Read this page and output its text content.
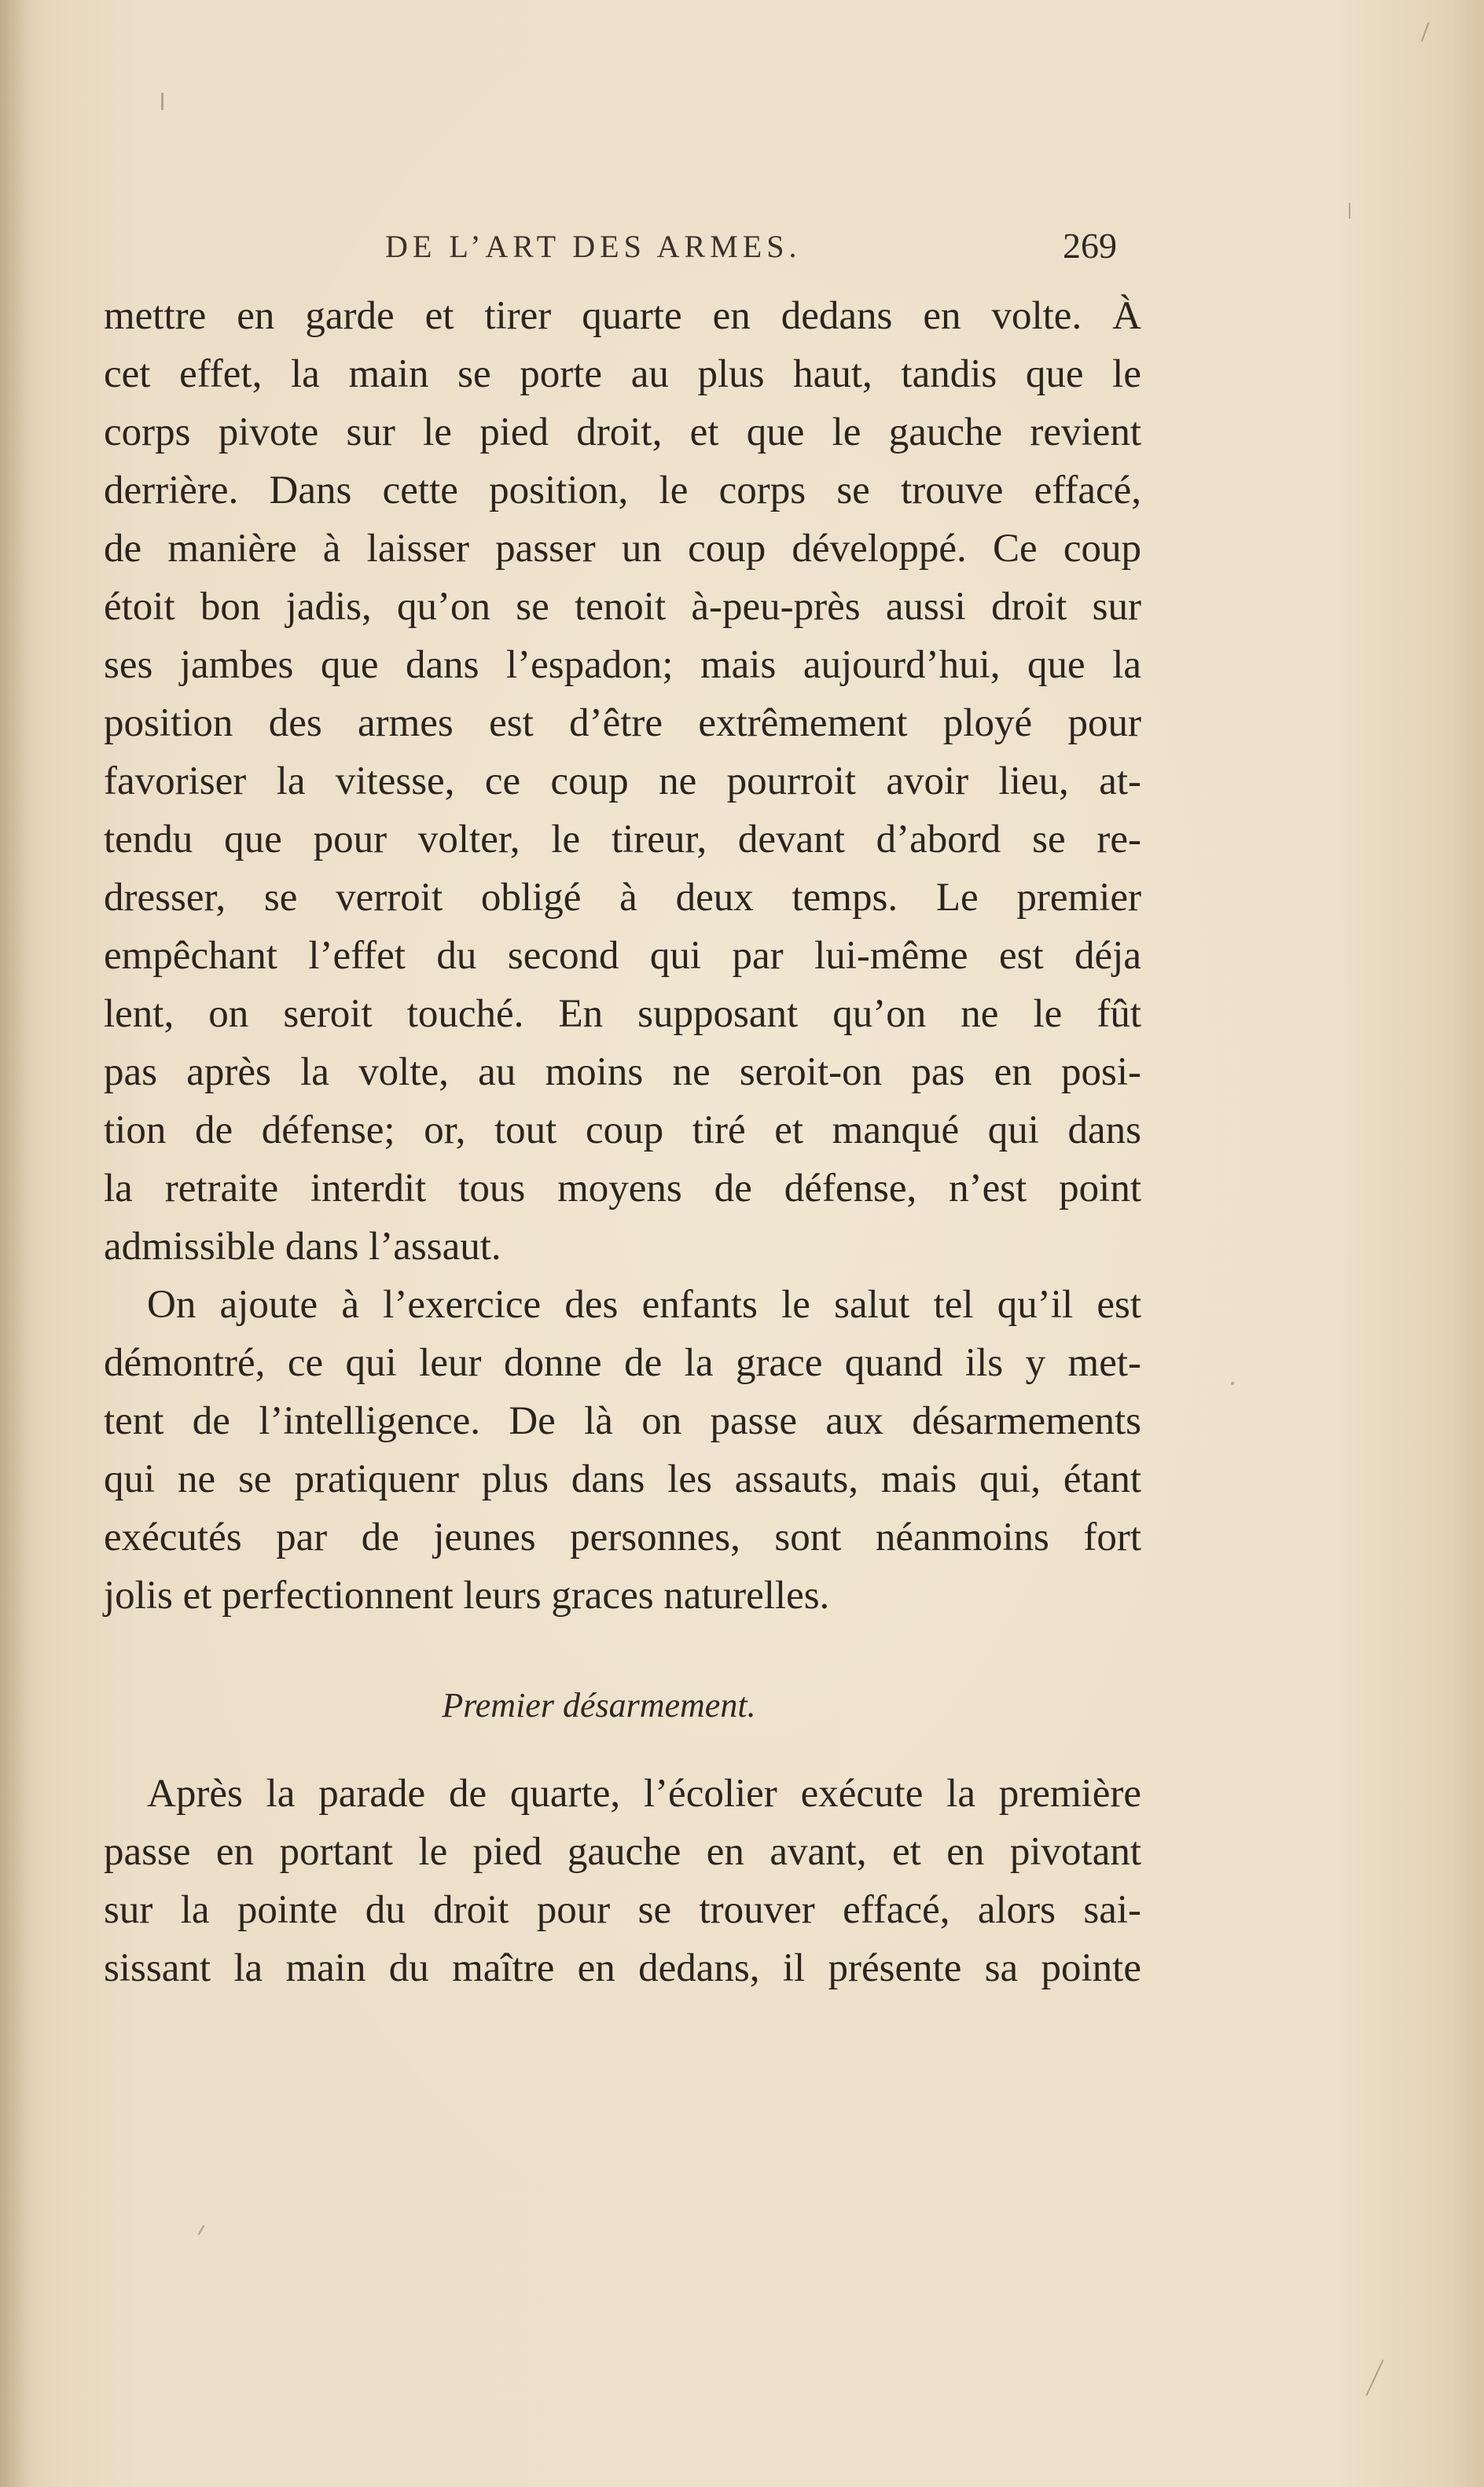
DE L’ART DES ARMES.	269
mettre en garde et tirer quarte en dedans en volte. À
cet effet, la main se porte au plus haut, tandis que le
corps pivote sur le pied droit, et que le gauche revient
derrière. Dans cette position, le corps se trouve effacé,
de manière à laisser passer un coup développé. Ce coup
étoit bon jadis, qu’on se tenoit à-peu-près aussi droit sur
ses jambes que dans l’espadon; mais aujourd’hui, que la
position des armes est d’être extrêmement ployé pour
favoriser la vitesse, ce coup ne pourroit avoir lieu, at-
tendu que pour volter, le tireur, devant d’abord se re-
dresser, se verroit obligé à deux temps. Le premier
empêchant l’effet du second qui par lui-même est déja
lent, on seroit touché. En supposant qu’on ne le fût
pas après la volte, au moins ne seroit-on pas en posi-
tion de défense; or, tout coup tiré et manqué qui dans
la retraite interdit tous moyens de défense, n’est point
admissible dans l’assaut.
On ajoute à l’exercice des enfants le salut tel qu’il est
démontré, ce qui leur donne de la grace quand ils y met-
tent de l’intelligence. De là on passe aux désarmements
qui ne se pratiquenr plus dans les assauts, mais qui, étant
exécutés par de jeunes personnes, sont néanmoins fort
jolis et perfectionnent leurs graces naturelles.
Premier désarmement.
Après la parade de quarte, l’écolier exécute la première
passe en portant le pied gauche en avant, et en pivotant
sur la pointe du droit pour se trouver effacé, alors sai-
sissant la main du maître en dedans, il présente sa pointe
